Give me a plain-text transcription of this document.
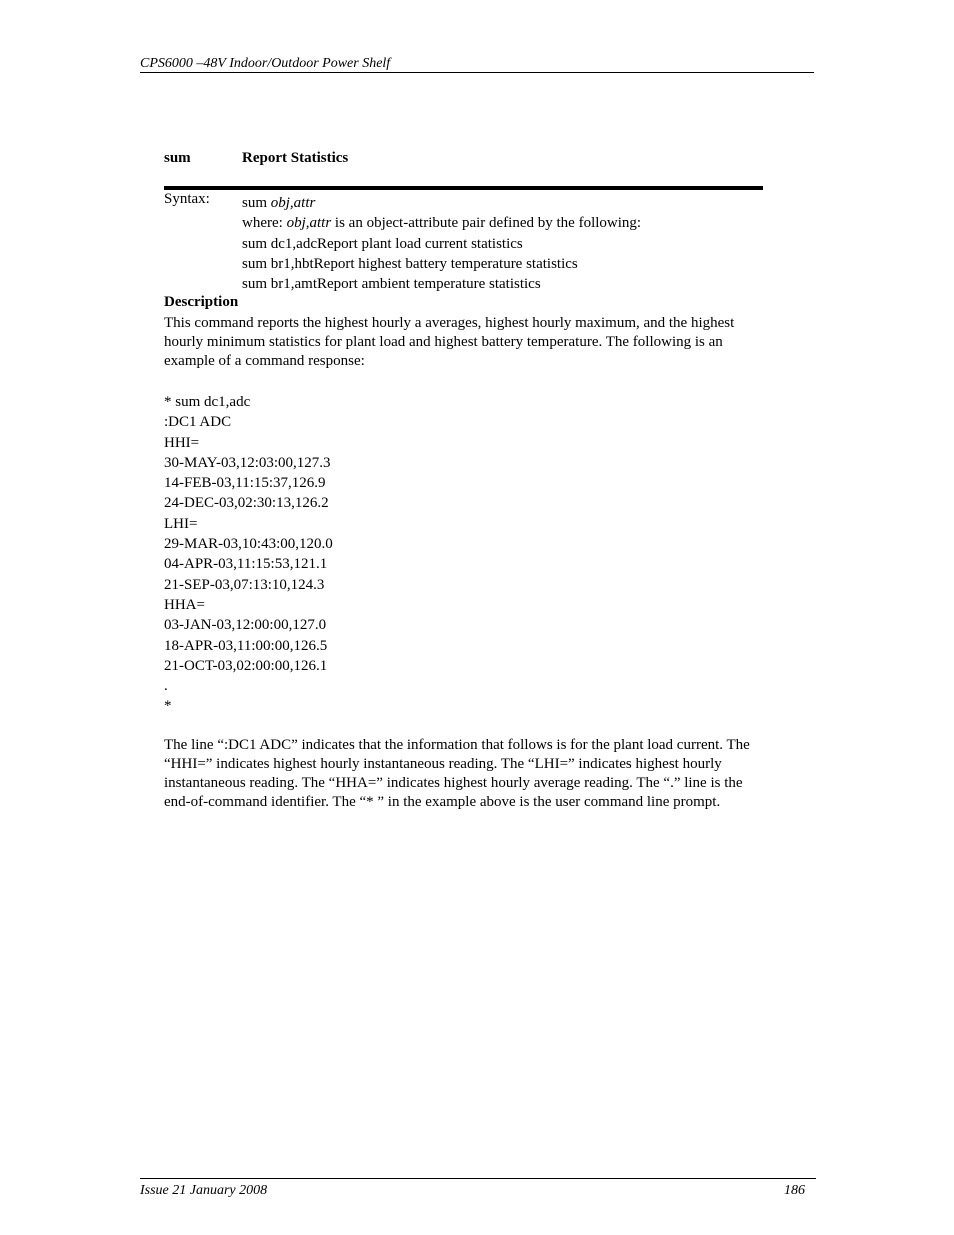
CPS6000 –48V Indoor/Outdoor Power Shelf
sum	Report Statistics
Syntax: sum obj,attr
where: obj,attr is an object-attribute pair defined by the following:
sum dc1,adcReport plant load current statistics
sum br1,hbtReport highest battery temperature statistics
sum br1,amtReport ambient temperature statistics
Description
This command reports the highest hourly a averages, highest hourly maximum, and the highest hourly minimum statistics for plant load and highest battery temperature. The following is an example of a command response:
* sum dc1,adc
:DC1 ADC
HHI=
30-MAY-03,12:03:00,127.3
14-FEB-03,11:15:37,126.9
24-DEC-03,02:30:13,126.2
LHI=
29-MAR-03,10:43:00,120.0
04-APR-03,11:15:53,121.1
21-SEP-03,07:13:10,124.3
HHA=
03-JAN-03,12:00:00,127.0
18-APR-03,11:00:00,126.5
21-OCT-03,02:00:00,126.1
.
*
The line “:DC1 ADC” indicates that the information that follows is for the plant load current. The “HHI=” indicates highest hourly instantaneous reading. The “LHI=” indicates highest hourly instantaneous reading. The “HHA=” indicates highest hourly average reading. The “.” line is the end-of-command identifier. The “* ” in the example above is the user command line prompt.
Issue 21 January 2008	186
